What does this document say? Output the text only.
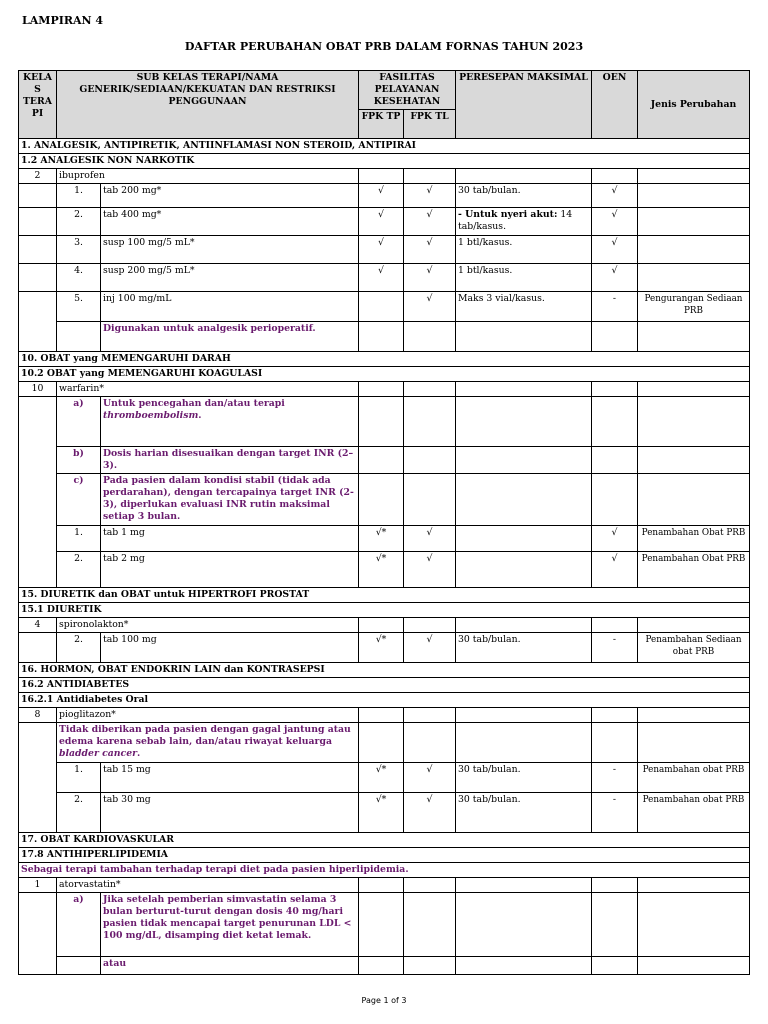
LAMPIRAN 4
DAFTAR PERUBAHAN OBAT PRB DALAM FORNAS TAHUN 2023
KELA S TERA PI	SUB KELAS TERAPI/NAMA GENERIK/SEDIAAN/KEKUATAN DAN RESTRIKSI PENGGUNAAN		FASILITAS PELAYANAN KESEHATAN		PERESEPAN MAKSIMAL	OEN	Jenis Perubahan
			FPK TP	FPK TL			
1. ANALGESIK, ANTIPIRETIK, ANTIINFLAMASI NON STEROID, ANTIPIRAI							
1.2 ANALGESIK NON NARKOTIK							
2	ibuprofen						
	1.	tab 200 mg*	√	√	30 tab/bulan.	√	
	2.	tab 400 mg*	√	√	- Untuk nyeri akut: 14 tab/kasus.	√	
	3.	susp 100 mg/5 mL*	√	√	1 btl/kasus.	√	
	4.	susp 200 mg/5 mL*	√	√	1 btl/kasus.	√	
	5.	inj 100 mg/mL		√	Maks 3 vial/kasus.	-	Pengurangan Sediaan PRB
		Digunakan untuk analgesik perioperatif.					
10. OBAT yang MEMENGARUHI DARAH							
10.2 OBAT yang MEMENGARUHI KOAGULASI							
10	warfarin*						
	a)	Untuk pencegahan dan/atau terapi
thromboembolism.					
	b)	Dosis harian disesuaikan dengan target INR (2–3).					
	c)	Pada pasien dalam kondisi stabil (tidak ada perdarahan), dengan tercapainya target INR (2-3), diperlukan evaluasi INR rutin maksimal setiap 3 bulan.					
	1.	tab 1 mg	√*	√		√	Penambahan Obat PRB
	2.	tab 2 mg	√*	√		√	Penambahan Obat PRB
15. DIURETIK dan OBAT untuk HIPERTROFI PROSTAT							
15.1 DIURETIK							
4	spironolakton*						
	2.	tab 100 mg	√*	√	30 tab/bulan.	-	Penambahan Sediaan obat PRB
16. HORMON, OBAT ENDOKRIN LAIN dan KONTRASEPSI							
16.2 ANTIDIABETES							
16.2.1 Antidiabetes Oral							
8	pioglitazon*						
	Tidak diberikan pada pasien dengan gagal jantung atau edema karena sebab lain, dan/atau riwayat keluarga bladder cancer.						
	1.	tab 15 mg	√*	√	30 tab/bulan.	-	Penambahan obat PRB
	2.	tab 30 mg	√*	√	30 tab/bulan.	-	Penambahan obat PRB
17. OBAT KARDIOVASKULAR							
17.8 ANTIHIPERLIPIDEMIA							
Sebagai terapi tambahan terhadap terapi diet pada pasien hiperlipidemia.							
1	atorvastatin*						
	a)	Jika setelah pemberian simvastatin selama 3 bulan berturut-turut dengan dosis 40 mg/hari pasien tidak mencapai target penurunan LDL < 100 mg/dL, disamping diet ketat lemak.					
		atau					
Page 1 of 3
